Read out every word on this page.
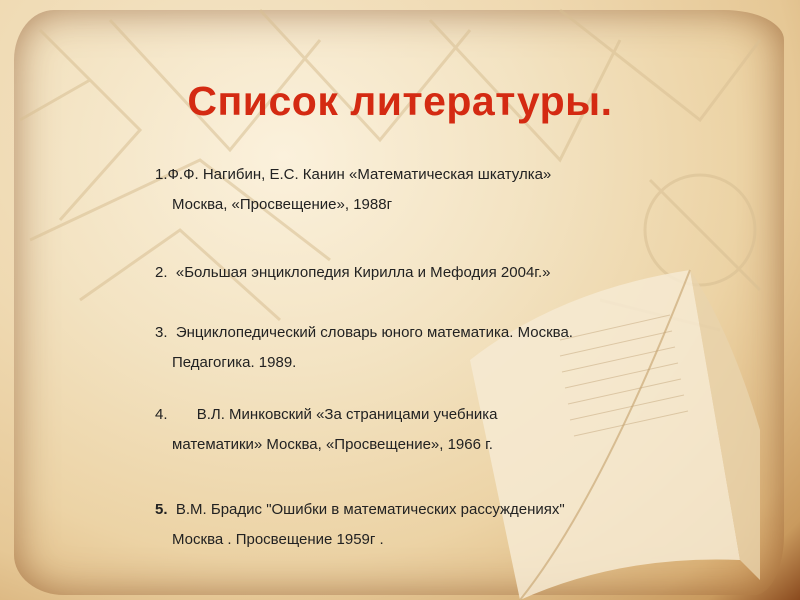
Список литературы.
1.Ф.Ф. Нагибин, Е.С. Канин «Математическая шкатулка»
Москва, «Просвещение», 1988г
2. «Большая энциклопедия Кирилла и Мефодия 2004г.»
3. Энциклопедический словарь юного математика. Москва.
Педагогика. 1989.
4. В.Л. Минковский «За страницами учебника
математики» Москва, «Просвещение», 1966 г.
5. В.М. Брадис "Ошибки в математических рассуждениях"
Москва . Просвещение 1959г .
